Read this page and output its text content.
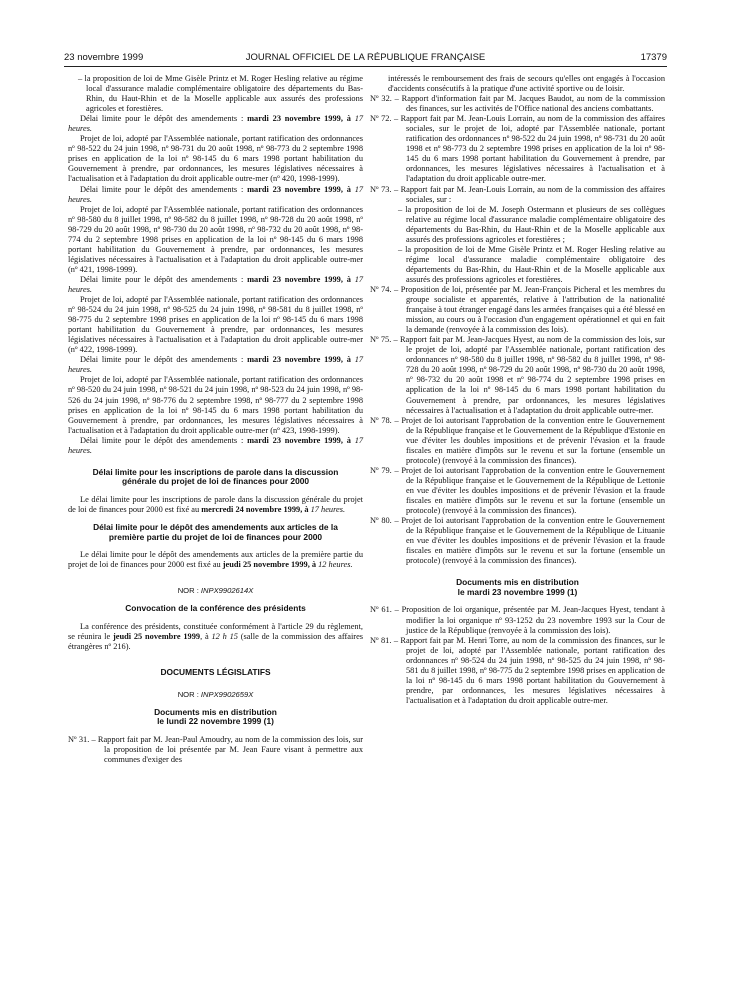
23 novembre 1999	JOURNAL OFFICIEL DE LA RÉPUBLIQUE FRANÇAISE	17379

– la proposition de loi de Mme Gisèle Printz et M. Roger Hesling relative au régime local d'assurance maladie complémentaire obligatoire des départements du Bas-Rhin, du Haut-Rhin et de la Moselle applicable aux assurés des professions agricoles et forestières.

Délai limite pour le dépôt des amendements : mardi 23 novembre 1999, à 17 heures.

Projet de loi, adopté par l'Assemblée nationale, portant ratification des ordonnances nº 98-522 du 24 juin 1998, nº 98-731 du 20 août 1998, nº 98-773 du 2 septembre 1998 prises en application de la loi nº 98-145 du 6 mars 1998 portant habilitation du Gouvernement à prendre, par ordonnances, les mesures législatives nécessaires à l'actualisation et à l'adaptation du droit applicable outre-mer (nº 420, 1998-1999).

Délai limite pour le dépôt des amendements : mardi 23 novembre 1999, à 17 heures.

Projet de loi, adopté par l'Assemblée nationale, portant ratification des ordonnances nº 98-580 du 8 juillet 1998, nº 98-582 du 8 juillet 1998, nº 98-728 du 20 août 1998, nº 98-729 du 20 août 1998, nº 98-730 du 20 août 1998, nº 98-732 du 20 août 1998, nº 98-774 du 2 septembre 1998 prises en application de la loi nº 98-145 du 6 mars 1998 portant habilitation du Gouvernement à prendre, par ordonnances, les mesures législatives nécessaires à l'actualisation et à l'adaptation du droit applicable outre-mer (nº 421, 1998-1999).

Délai limite pour le dépôt des amendements : mardi 23 novembre 1999, à 17 heures.

Projet de loi, adopté par l'Assemblée nationale, portant ratification des ordonnances nº 98-524 du 24 juin 1998, nº 98-525 du 24 juin 1998, nº 98-581 du 8 juillet 1998, nº 98-775 du 2 septembre 1998 prises en application de la loi nº 98-145 du 6 mars 1998 portant habilitation du Gouvernement à prendre, par ordonnances, les mesures législatives nécessaires à l'actualisation et à l'adaptation du droit applicable outre-mer (nº 422, 1998-1999).

Délai limite pour le dépôt des amendements : mardi 23 novembre 1999, à 17 heures.

Projet de loi, adopté par l'Assemblée nationale, portant ratification des ordonnances nº 98-520 du 24 juin 1998, nº 98-521 du 24 juin 1998, nº 98-523 du 24 juin 1998, nº 98-526 du 24 juin 1998, nº 98-776 du 2 septembre 1998, nº 98-777 du 2 septembre 1998 prises en application de la loi nº 98-145 du 6 mars 1998 portant habilitation du Gouvernement à prendre, par ordonnances, les mesures législatives nécessaires à l'actualisation et à l'adaptation du droit applicable outre-mer (nº 423, 1998-1999).

Délai limite pour le dépôt des amendements : mardi 23 novembre 1999, à 17 heures.

Délai limite pour les inscriptions de parole dans la discussion générale du projet de loi de finances pour 2000

Le délai limite pour les inscriptions de parole dans la discussion générale du projet de loi de finances pour 2000 est fixé au mercredi 24 novembre 1999, à 17 heures.

Délai limite pour le dépôt des amendements aux articles de la première partie du projet de loi de finances pour 2000

Le délai limite pour le dépôt des amendements aux articles de la première partie du projet de loi de finances pour 2000 est fixé au jeudi 25 novembre 1999, à 12 heures.

NOR : INPX9902614X

Convocation de la conférence des présidents

La conférence des présidents, constituée conformément à l'article 29 du règlement, se réunira le jeudi 25 novembre 1999, à 12 h 15 (salle de la commission des affaires étrangères nº 216).

DOCUMENTS LÉGISLATIFS

NOR : INPX9902659X

Documents mis en distribution

le lundi 22 novembre 1999 (1)

Nº 31. – Rapport fait par M. Jean-Paul Amoudry, au nom de la commission des lois, sur la proposition de loi présentée par M. Jean Faure visant à permettre aux communes d'exiger des

intéressés le remboursement des frais de secours qu'elles ont engagés à l'occasion d'accidents consécutifs à la pratique d'une activité sportive ou de loisir.

Nº 32. – Rapport d'information fait par M. Jacques Baudot, au nom de la commission des finances, sur les activités de l'Office national des anciens combattants.

Nº 72. – Rapport fait par M. Jean-Louis Lorrain, au nom de la commission des affaires sociales, sur le projet de loi, adopté par l'Assemblée nationale, portant ratification des ordonnances nº 98-522 du 24 juin 1998, nº 98-731 du 20 août 1998 et nº 98-773 du 2 septembre 1998 prises en application de la loi nº 98-145 du 6 mars 1998 portant habilitation du Gouvernement à prendre, par ordonnances, les mesures législatives nécessaires à l'actualisation et à l'adaptation du droit applicable outre-mer.

Nº 73. – Rapport fait par M. Jean-Louis Lorrain, au nom de la commission des affaires sociales, sur :

– la proposition de loi de M. Joseph Ostermann et plusieurs de ses collègues relative au régime local d'assurance maladie complémentaire obligatoire des départements du Bas-Rhin, du Haut-Rhin et de la Moselle applicable aux assurés des professions agricoles et forestières ;

– la proposition de loi de Mme Gisèle Printz et M. Roger Hesling relative au régime local d'assurance maladie complémentaire obligatoire des départements du Bas-Rhin, du Haut-Rhin et de la Moselle applicable aux assurés des professions agricoles et forestières.

Nº 74. – Proposition de loi, présentée par M. Jean-François Picheral et les membres du groupe socialiste et apparentés, relative à l'attribution de la nationalité française à tout étranger engagé dans les armées françaises qui a été blessé en mission, au cours ou à l'occasion d'un engagement opérationnel et qui en fait la demande (renvoyée à la commission des lois).

Nº 75. – Rapport fait par M. Jean-Jacques Hyest, au nom de la commission des lois, sur le projet de loi, adopté par l'Assemblée nationale, portant ratification des ordonnances nº 98-580 du 8 juillet 1998, nº 98-582 du 8 juillet 1998, nº 98-728 du 20 août 1998, nº 98-729 du 20 août 1998, nº 98-730 du 20 août 1998, nº 98-732 du 20 août 1998 et nº 98-774 du 2 septembre 1998 prises en application de la loi nº 98-145 du 6 mars 1998 portant habilitation du Gouvernement à prendre, par ordonnances, les mesures législatives nécessaires à l'actualisation et à l'adaptation du droit applicable outre-mer.

Nº 78. – Projet de loi autorisant l'approbation de la convention entre le Gouvernement de la République française et le Gouvernement de la République d'Estonie en vue d'éviter les doubles impositions et de prévenir l'évasion et la fraude fiscales en matière d'impôts sur le revenu et sur la fortune (ensemble un protocole) (renvoyé à la commission des finances).

Nº 79. – Projet de loi autorisant l'approbation de la convention entre le Gouvernement de la République française et le Gouvernement de la République de Lettonie en vue d'éviter les doubles impositions et de prévenir l'évasion et la fraude fiscales en matière d'impôts sur le revenu et sur la fortune (ensemble un protocole) (renvoyé à la commission des finances).

Nº 80. – Projet de loi autorisant l'approbation de la convention entre le Gouvernement de la République française et le Gouvernement de la République de Lituanie en vue d'éviter les doubles impositions et de prévenir l'évasion et la fraude fiscales en matière d'impôts sur le revenu et sur la fortune (ensemble un protocole) (renvoyé à la commission des finances).

Documents mis en distribution

le mardi 23 novembre 1999 (1)

Nº 61. – Proposition de loi organique, présentée par M. Jean-Jacques Hyest, tendant à modifier la loi organique nº 93-1252 du 23 novembre 1993 sur la Cour de justice de la République (renvoyée à la commission des lois).

Nº 81. – Rapport fait par M. Henri Torre, au nom de la commission des finances, sur le projet de loi, adopté par l'Assemblée nationale, portant ratification des ordonnances nº 98-524 du 24 juin 1998, nº 98-525 du 24 juin 1998, nº 98-581 du 8 juillet 1998, nº 98-775 du 2 septembre 1998 prises en application de la loi nº 98-145 du 6 mars 1998 portant habilitation du Gouvernement à prendre, par ordonnances, les mesures législatives nécessaires à l'actualisation et à l'adaptation du droit applicable outre-mer.
